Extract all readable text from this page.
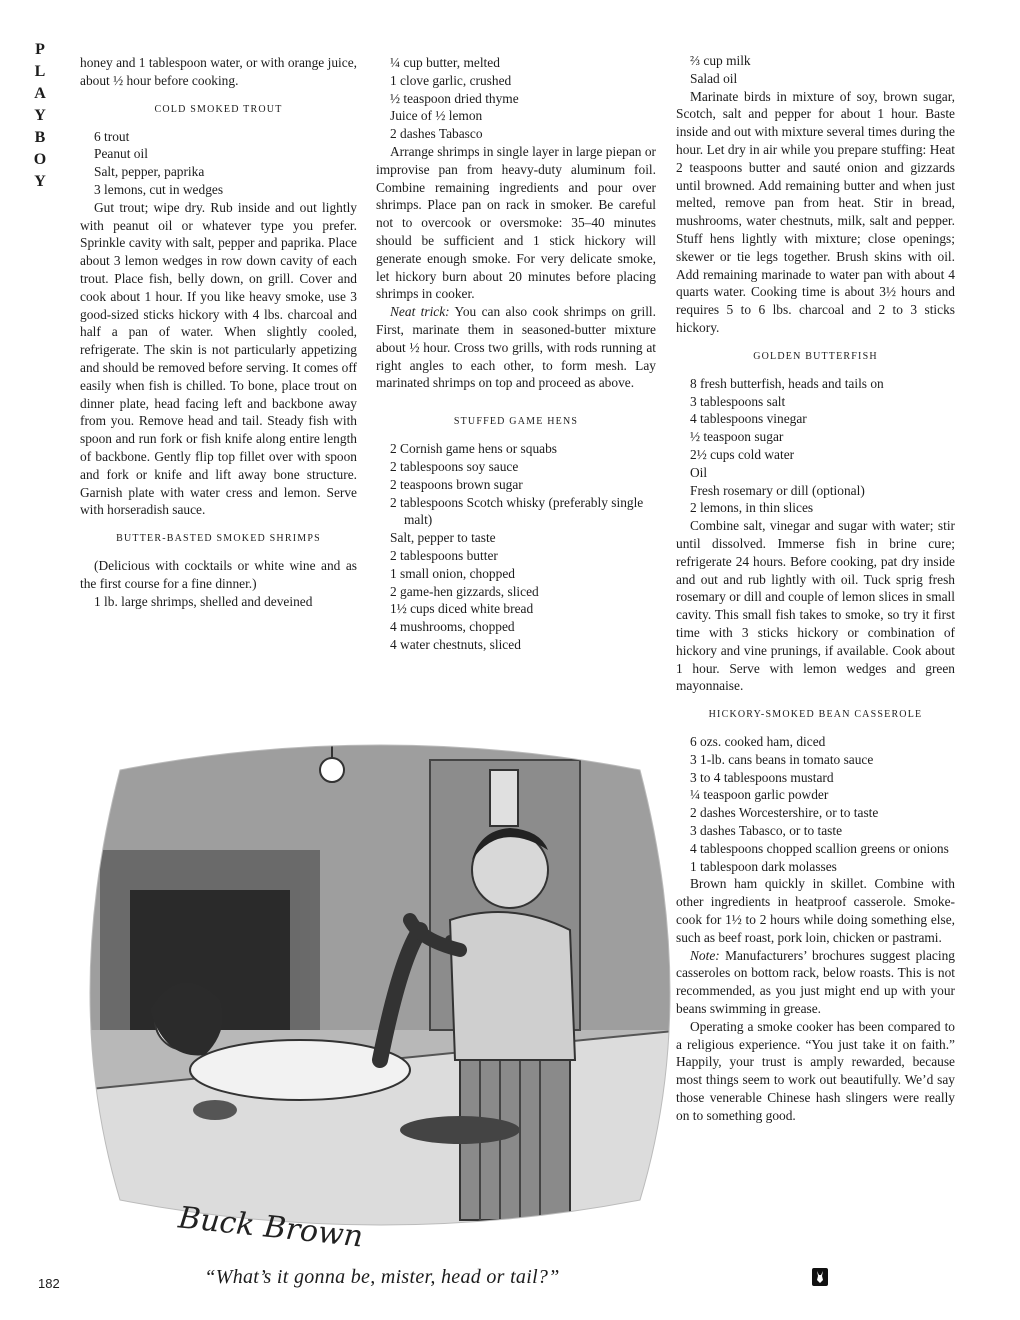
P
L
A
Y
B
O
Y

honey and 1 tablespoon water, or with orange juice, about ½ hour before cooking.

COLD SMOKED TROUT

6 trout

Peanut oil

Salt, pepper, paprika

3 lemons, cut in wedges

Gut trout; wipe dry. Rub inside and out lightly with peanut oil or whatever type you prefer. Sprinkle cavity with salt, pepper and paprika. Place about 3 lemon wedges in row down cavity of each trout. Place fish, belly down, on grill. Cover and cook about 1 hour. If you like heavy smoke, use 3 good-sized sticks hickory with 4 lbs. charcoal and half a pan of water. When slightly cooled, refrigerate. The skin is not particularly appetizing and should be removed before serving. It comes off easily when fish is chilled. To bone, place trout on dinner plate, head facing left and backbone away from you. Remove head and tail. Steady fish with spoon and run fork or fish knife along entire length of backbone. Gently flip top fillet over with spoon and fork or knife and lift away bone structure. Garnish plate with water cress and lemon. Serve with horseradish sauce.

BUTTER-BASTED SMOKED SHRIMPS

(Delicious with cocktails or white wine and as the first course for a fine dinner.)

1 lb. large shrimps, shelled and deveined

¼ cup butter, melted

1 clove garlic, crushed

½ teaspoon dried thyme

Juice of ½ lemon

2 dashes Tabasco

Arrange shrimps in single layer in large piepan or improvise pan from heavy-duty aluminum foil. Combine remaining ingredients and pour over shrimps. Place pan on rack in smoker. Be careful not to overcook or oversmoke: 35–40 minutes should be sufficient and 1 stick hickory will generate enough smoke. For very delicate smoke, let hickory burn about 20 minutes before placing shrimps in cooker.

Neat trick: You can also cook shrimps on grill. First, marinate them in seasoned-butter mixture about ½ hour. Cross two grills, with rods running at right angles to each other, to form mesh. Lay marinated shrimps on top and proceed as above.

STUFFED GAME HENS

2 Cornish game hens or squabs

2 tablespoons soy sauce

2 teaspoons brown sugar

2 tablespoons Scotch whisky (preferably single malt)

Salt, pepper to taste

2 tablespoons butter

1 small onion, chopped

2 game-hen gizzards, sliced

1½ cups diced white bread

4 mushrooms, chopped

4 water chestnuts, sliced

⅔ cup milk

Salad oil

Marinate birds in mixture of soy, brown sugar, Scotch, salt and pepper for about 1 hour. Baste inside and out with mixture several times during the hour. Let dry in air while you prepare stuffing: Heat 2 teaspoons butter and sauté onion and gizzards until browned. Add remaining butter and when just melted, remove pan from heat. Stir in bread, mushrooms, water chestnuts, milk, salt and pepper. Stuff hens lightly with mixture; close openings; skewer or tie legs together. Brush skins with oil. Add remaining marinade to water pan with about 4 quarts water. Cooking time is about 3½ hours and requires 5 to 6 lbs. charcoal and 2 to 3 sticks hickory.

GOLDEN BUTTERFISH

8 fresh butterfish, heads and tails on

3 tablespoons salt

4 tablespoons vinegar

½ teaspoon sugar

2½ cups cold water

Oil

Fresh rosemary or dill (optional)

2 lemons, in thin slices

Combine salt, vinegar and sugar with water; stir until dissolved. Immerse fish in brine cure; refrigerate 24 hours. Before cooking, pat dry inside and out and rub lightly with oil. Tuck sprig fresh rosemary or dill and couple of lemon slices in small cavity. This small fish takes to smoke, so try it first time with 3 sticks hickory or combination of hickory and vine prunings, if available. Cook about 1 hour. Serve with lemon wedges and green mayonnaise.

HICKORY-SMOKED BEAN CASSEROLE

6 ozs. cooked ham, diced

3 1-lb. cans beans in tomato sauce

3 to 4 tablespoons mustard

¼ teaspoon garlic powder

2 dashes Worcestershire, or to taste

3 dashes Tabasco, or to taste

4 tablespoons chopped scallion greens or onions

1 tablespoon dark molasses

Brown ham quickly in skillet. Combine with other ingredients in heatproof casserole. Smoke-cook for 1½ to 2 hours while doing something else, such as beef roast, pork loin, chicken or pastrami.

Note: Manufacturers’ brochures suggest placing casseroles on bottom rack, below roasts. This is not recommended, as you just might end up with your beans swimming in grease.

Operating a smoke cooker has been compared to a religious experience. “You just take it on faith.” Happily, your trust is amply rewarded, because most things seem to work out beautifully. We’d say those venerable Chinese hash slingers were really on to something good.

Buck Brown
“What’s it gonna be, mister, head or tail?”
182
